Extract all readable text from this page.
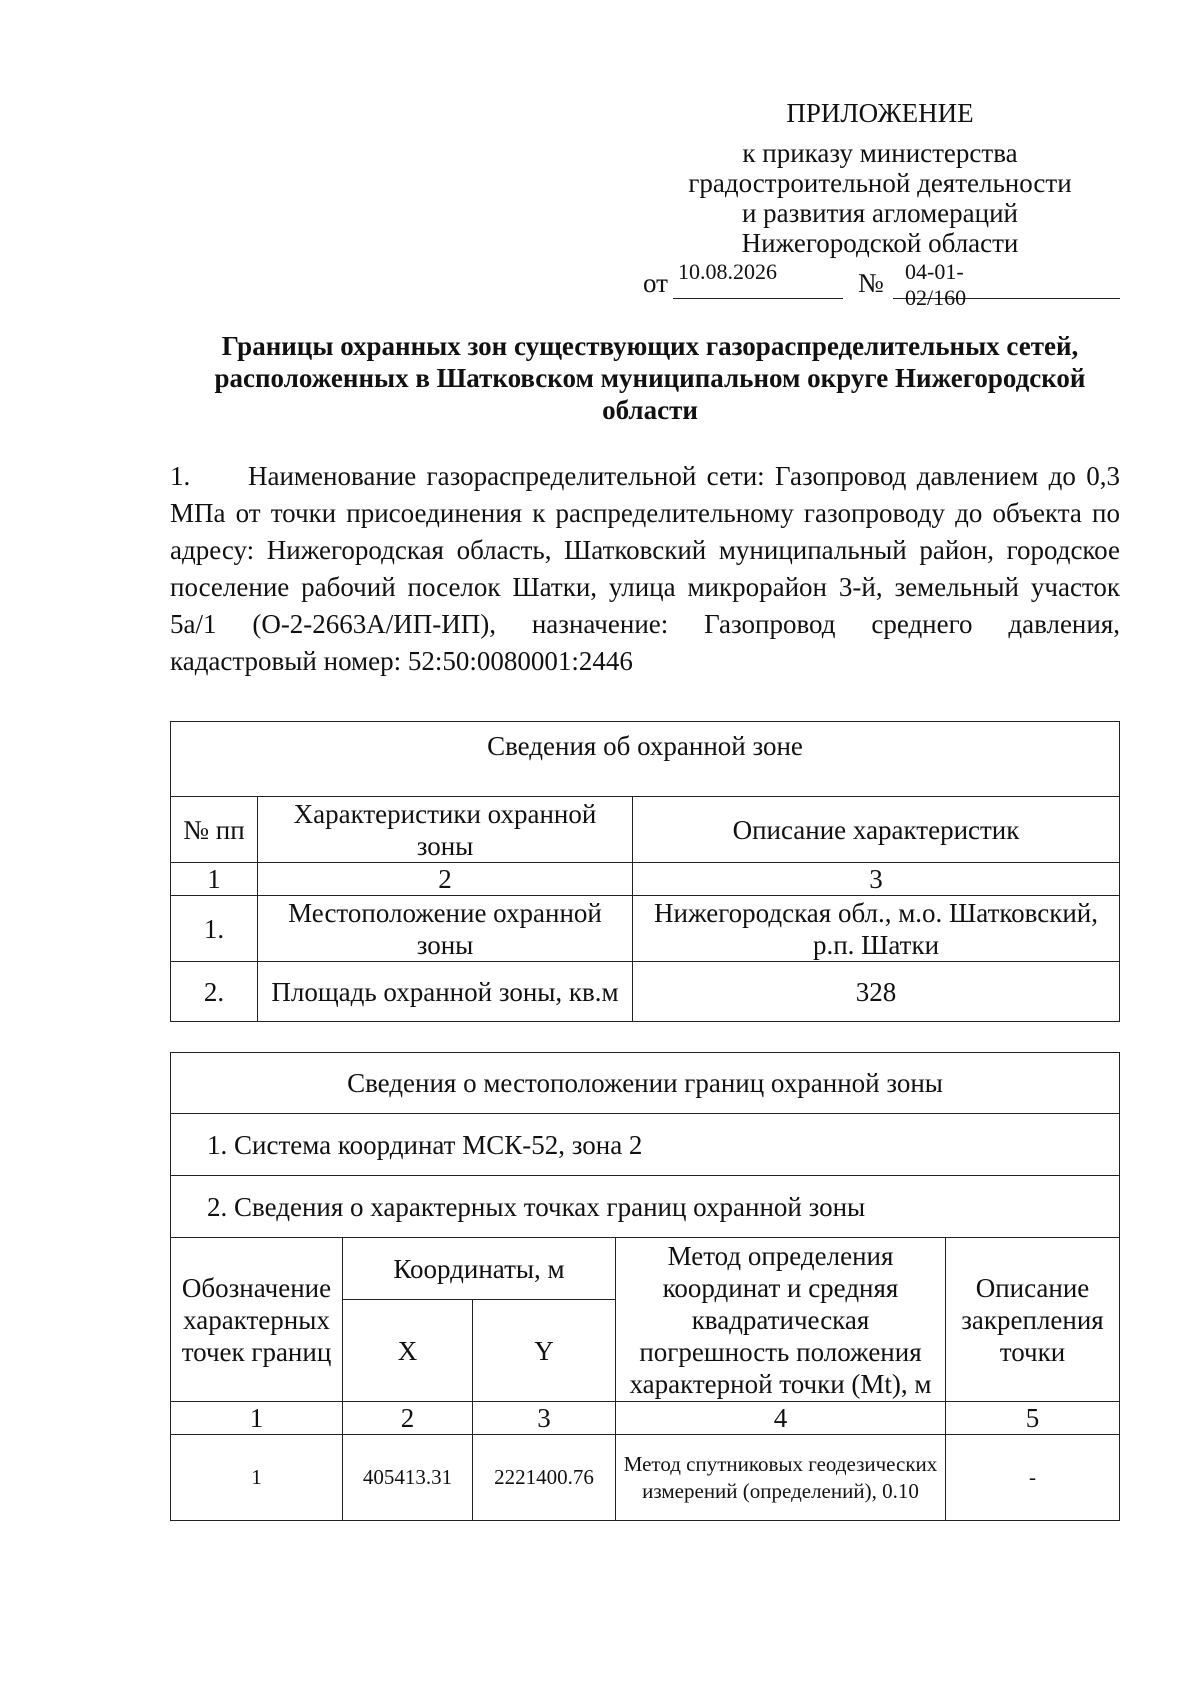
ПРИЛОЖЕНИЕ
к приказу министерства
градостроительной деятельности
и развития агломераций
Нижегородской области
от 10.08.2026	№ 04-01-02/160
Границы охранных зон существующих газораспределительных сетей, расположенных в Шатковском муниципальном округе Нижегородской области
1. Наименование газораспределительной сети: Газопровод давлением до 0,3 МПа от точки присоединения к распределительному газопроводу до объекта по адресу: Нижегородская область, Шатковский муниципальный район, городское поселение рабочий поселок Шатки, улица микрорайон 3-й, земельный участок 5а/1 (О-2-2663А/ИП-ИП), назначение: Газопровод среднего давления, кадастровый номер: 52:50:0080001:2446
Сведения об охранной зоне		
№ пп	Характеристики охранной зоны	Описание характеристик
1	2	3
1.	Местоположение охранной зоны	Нижегородская обл., м.о. Шатковский, р.п. Шатки
2.	Площадь охранной зоны, кв.м	328
Сведения о местоположении границ охранной зоны				
1. Система координат МСК-52, зона 2				
2. Сведения о характерных точках границ охранной зоны				
Обозначение характерных точек границ	Координаты, м		Метод определения координат и средняя квадратическая погрешность положения характерной точки (Mt), м	Описание закрепления точки
	X	Y		
1	2	3	4	5
1	405413.31	2221400.76	Метод спутниковых геодезических измерений (определений), 0.10	-
